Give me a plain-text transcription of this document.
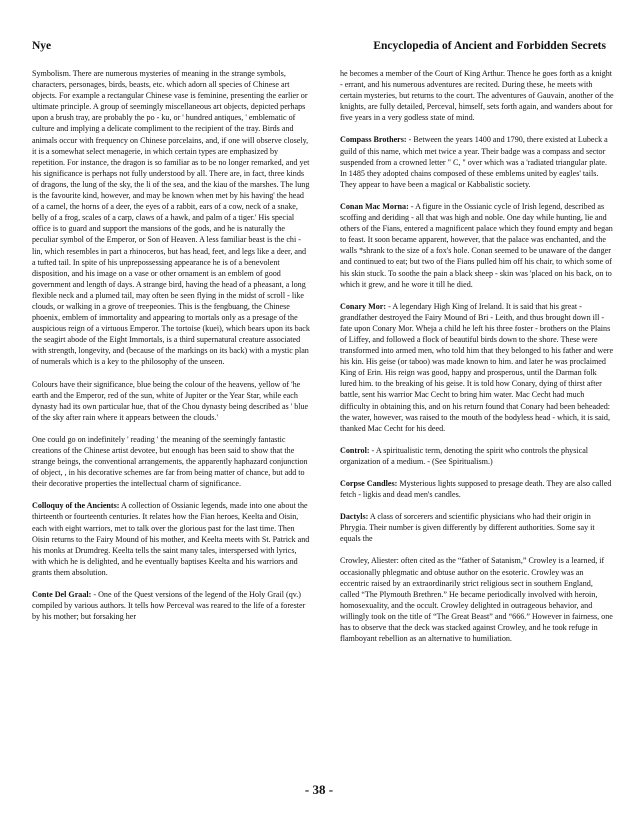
Nye	Encyclopedia of Ancient and Forbidden Secrets

Symbolism. There are numerous mysteries of meaning in the strange symbols, characters, personages, birds, beasts, etc. which adorn all species of Chinese art objects. For example a rectangular Chinese vase is feminine, presenting the earlier or ultimate principle. A group of seemingly miscellaneous art objects, depicted perhaps upon a brush tray, are probably the po - ku, or ' hundred antiques, ' emblematic of culture and implying a delicate compliment to the recipient of the tray. Birds and animals occur with frequency on Chinese porcelains, and, if one will observe closely, it is a somewhat select menagerie, in which certain types are emphasized by repetition. For instance, the dragon is so familiar as to be no longer remarked, and yet his significance is perhaps not fully understood by all. There are, in fact, three kinds of dragons, the lung of the sky, the li of the sea, and the kiau of the marshes. The lung is the favourite kind, however, and may be known when met by his having' the head of a camel, the horns of a deer, the eyes of a rabbit, ears of a cow, neck of a snake, belly of a frog, scales of a carp, claws of a hawk, and palm of a tiger.' His special office is to guard and support the mansions of the gods, and he is naturally the peculiar symbol of the Emperor, or Son of Heaven. A less familiar beast is the chi - lin, which resembles in part a rhinoceros, but has head, feet, and legs like a deer, and a tufted tail. In spite of his unprepossessing appearance he is of a benevolent disposition, and his image on a vase or other ornament is an emblem of good government and length of days. A strange bird, having the head of a pheasant, a long flexible neck and a plumed tail, may often be seen flying in the midst of scroll - like clouds, or walking in a grove of treepeonies. This is the fengbuang, the Chinese phoenix, emblem of immortality and appearing to mortals only as a presage of the auspicious reign of a virtuous Emperor. The tortoise (kuei), which bears upon its back the seagirt abode of the Eight Immortals, is a third supernatural creature associated with strength, longevity, and (because of the markings on its back) with a mystic plan of numerals which is a key to the philosophy of the unseen.

Colours have their significance, blue being the colour of the heavens, yellow of 'he earth and the Emperor, red of the sun, white of Jupiter or the Year Star, while each dynasty had its own particular hue, that of the Chou dynasty being described as ' blue of the sky after rain where it appears between the clouds.'

One could go on indefinitely ' reading ' the meaning of the seemingly fantastic creations of the Chinese artist devotee, but enough has been said to show that the strange beings, the conventional arrangements, the apparently haphazard conjunction of object, , in his decorative schemes are far from being matter of chance, but add to their decorative properties the intellectual charm of significance.

Colloquy of the Ancients: A collection of Ossianic legends, made into one about the thirteenth or fourteenth centuries. It relates how the Fian heroes, Keelta and Oisin, each with eight warriors, met to talk over the glorious past for the last time. Then Oisin returns to the Fairy Mound of his mother, and Keelta meets with St. Patrick and his monks at Drumdreg. Keelta tells the saint many tales, interspersed with lyrics, with which he is delighted, and he eventually baptises Keelta and his warriors and grants them absolution.

Conte Del Graal: - One of the Quest versions of the legend of the Holy Grail (qv.) compiled by various authors. It tells how Perceval was reared to the life of a forester by his mother; but forsaking her

he becomes a member of the Court of King Arthur. Thence he goes forth as a knight - errant, and his numerous adventures are recited. During these, he meets with certain mysteries, but returns to the court. The adventures of Gauvain, another of the knights, are fully detailed, Perceval, himself, sets forth again, and wanders about for five years in a very godless state of mind.

Compass Brothers: - Between the years 1400 and 1790, there existed at Lubeck a guild of this name, which met twice a year. Their badge was a compass and sector suspended from a crowned letter " C, " over which was a 'radiated triangular plate. In 1485 they adopted chains composed of these emblems united by eagles' tails. They appear to have been a magical or Kabbalistic society.

Conan Mac Morna: - A figure in the Ossianic cycle of Irish legend, described as scoffing and deriding - all that was high and noble. One day while hunting, lie and others of the Fians, entered a magnificent palace which they found empty and began to feast. It soon became apparent, however, that the palace was enchanted, and the walls *shrank to the size of a fox's hole. Conan seemed to be unaware of the danger and continued to eat; but two of the Fians pulled him off his chair, to which some of his skin stuck. To soothe the pain a black sheep - skin was 'placed on his back, on to which it grew, and he wore it till he died.

Conary Mor: - A legendary High King of Ireland. It is said that his great - grandfather destroyed the Fairy Mound of Bri - Leith, and thus brought down ill - fate upon Conary Mor. Wheja a child he left his three foster - brothers on the Plains of Liffey, and followed a flock of beautiful birds down to the shore. These were transformed into armed men, who told him that they belonged to his father and were his kin. His geise (or taboo) was made known to him. and later he was proclaimed King of Erin. His reign was good, happy and prosperous, until the Darman folk lured him. to the breaking of his geise. It is told how Conary, dying of thirst after battle, sent his warrior Mac Cecht to bring him water. Mac Cecht had much difficulty in obtaining this, and on his return found that Conary had been beheaded: the water, however, was raised to the mouth of the bodyless head - which, it is said, thanked Mac Cecht for his deed.

Control: - A spiritualistic term, denoting the spirit who controls the physical organization of a medium. - (See Spiritualism.)

Corpse Candles: Mysterious lights supposed to presage death. They are also called fetch - ligkis and dead men's candles.

Dactyls: A class of sorcerers and scientific physicians who had their origin in Phrygia. Their number is given differently by different authorities. Some say it equals the

Crowley, Aliester: often cited as the “father of Satanism,” Crowley is a learned, if occasionally phlegmatic and obtuse author on the esoteric. Crowley was an eccentric raised by an extraordinarily strict religious sect in southern England, called “The Plymouth Brethren.” He became periodically involved with heroin, homosexuality, and the occult. Crowley delighted in outrageous behavior, and willingly took on the title of “The Great Beast” and “666.” However in fairness, one has to observe that the deck was stacked against Crowley, and he took refuge in flamboyant rebellion as an alternative to humiliation.

- 38 -
